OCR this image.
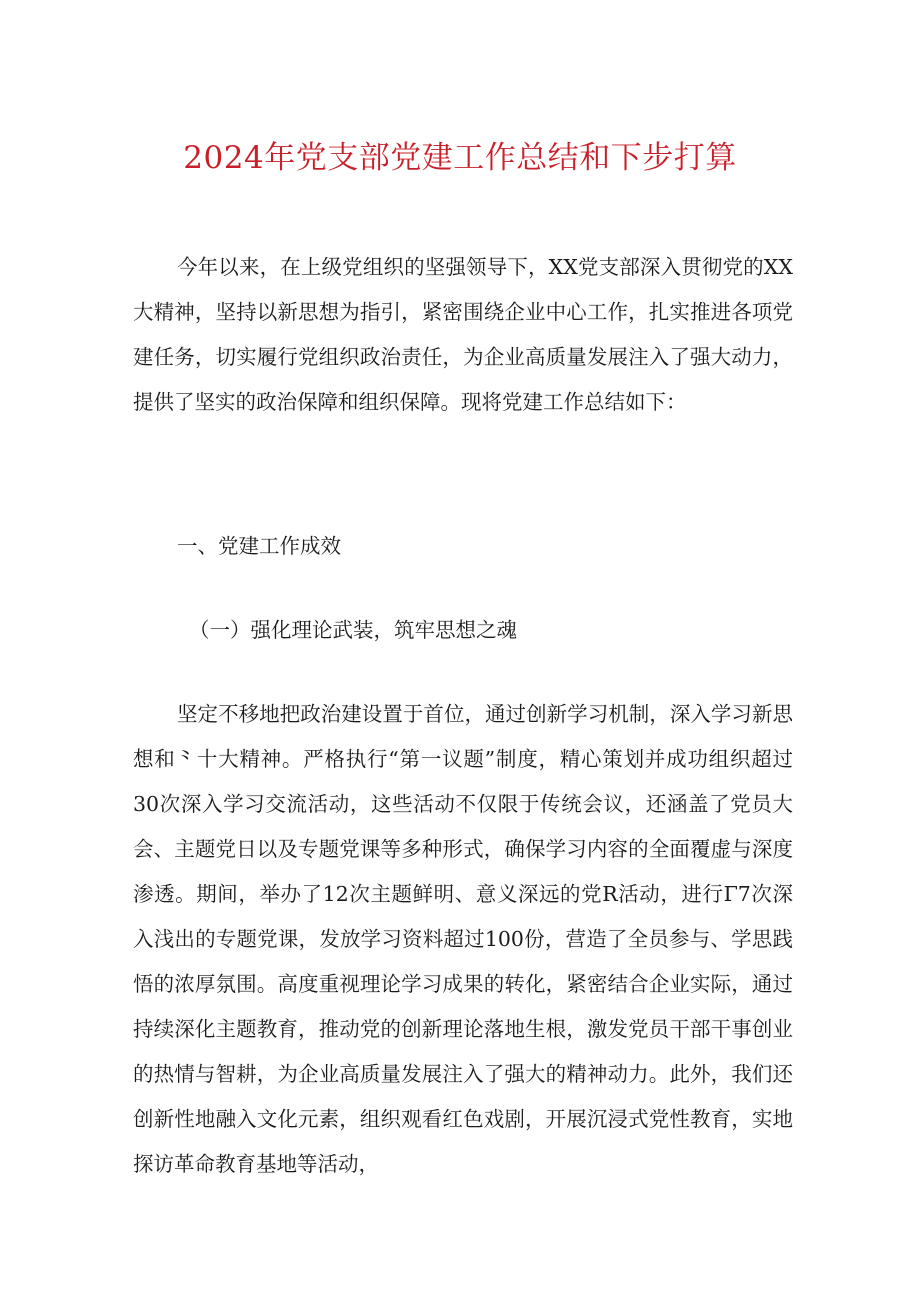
2024年党支部党建工作总结和下步打算

今年以来，在上级党组织的坚强领导下，XX党支部深入贯彻党的XX大精神，坚持以新思想为指引，紧密围绕企业中心工作，扎实推进各项党建任务，切实履行党组织政治责任，为企业高质量发展注入了强大动力，提供了坚实的政治保障和组织保障。现将党建工作总结如下：

一、党建工作成效
（一）强化理论武装，筑牢思想之魂

坚定不移地把政治建设置于首位，通过创新学习机制，深入学习新思想和⺀十大精神。严格执行“第一议题”制度，精心策划并成功组织超过30次深入学习交流活动，这些活动不仅限于传统会议，还涵盖了党员大会、主题党日以及专题党课等多种形式，确保学习内容的全面覆虚与深度渗透。期间，举办了12次主题鲜明、意义深远的党R活动，进行Γ7次深入浅出的专题党课，发放学习资料超过100份，营造了全员参与、学思践悟的浓厚氛围。高度重视理论学习成果的转化，紧密结合企业实际，通过持续深化主题教育，推动党的创新理论落地生根，激发党员干部干事创业的热情与智耕，为企业高质量发展注入了强大的精神动力。此外，我们还创新性地融入文化元素，组织观看红色戏剧，开展沉浸式党性教育，实地探访革命教育基地等活动，
